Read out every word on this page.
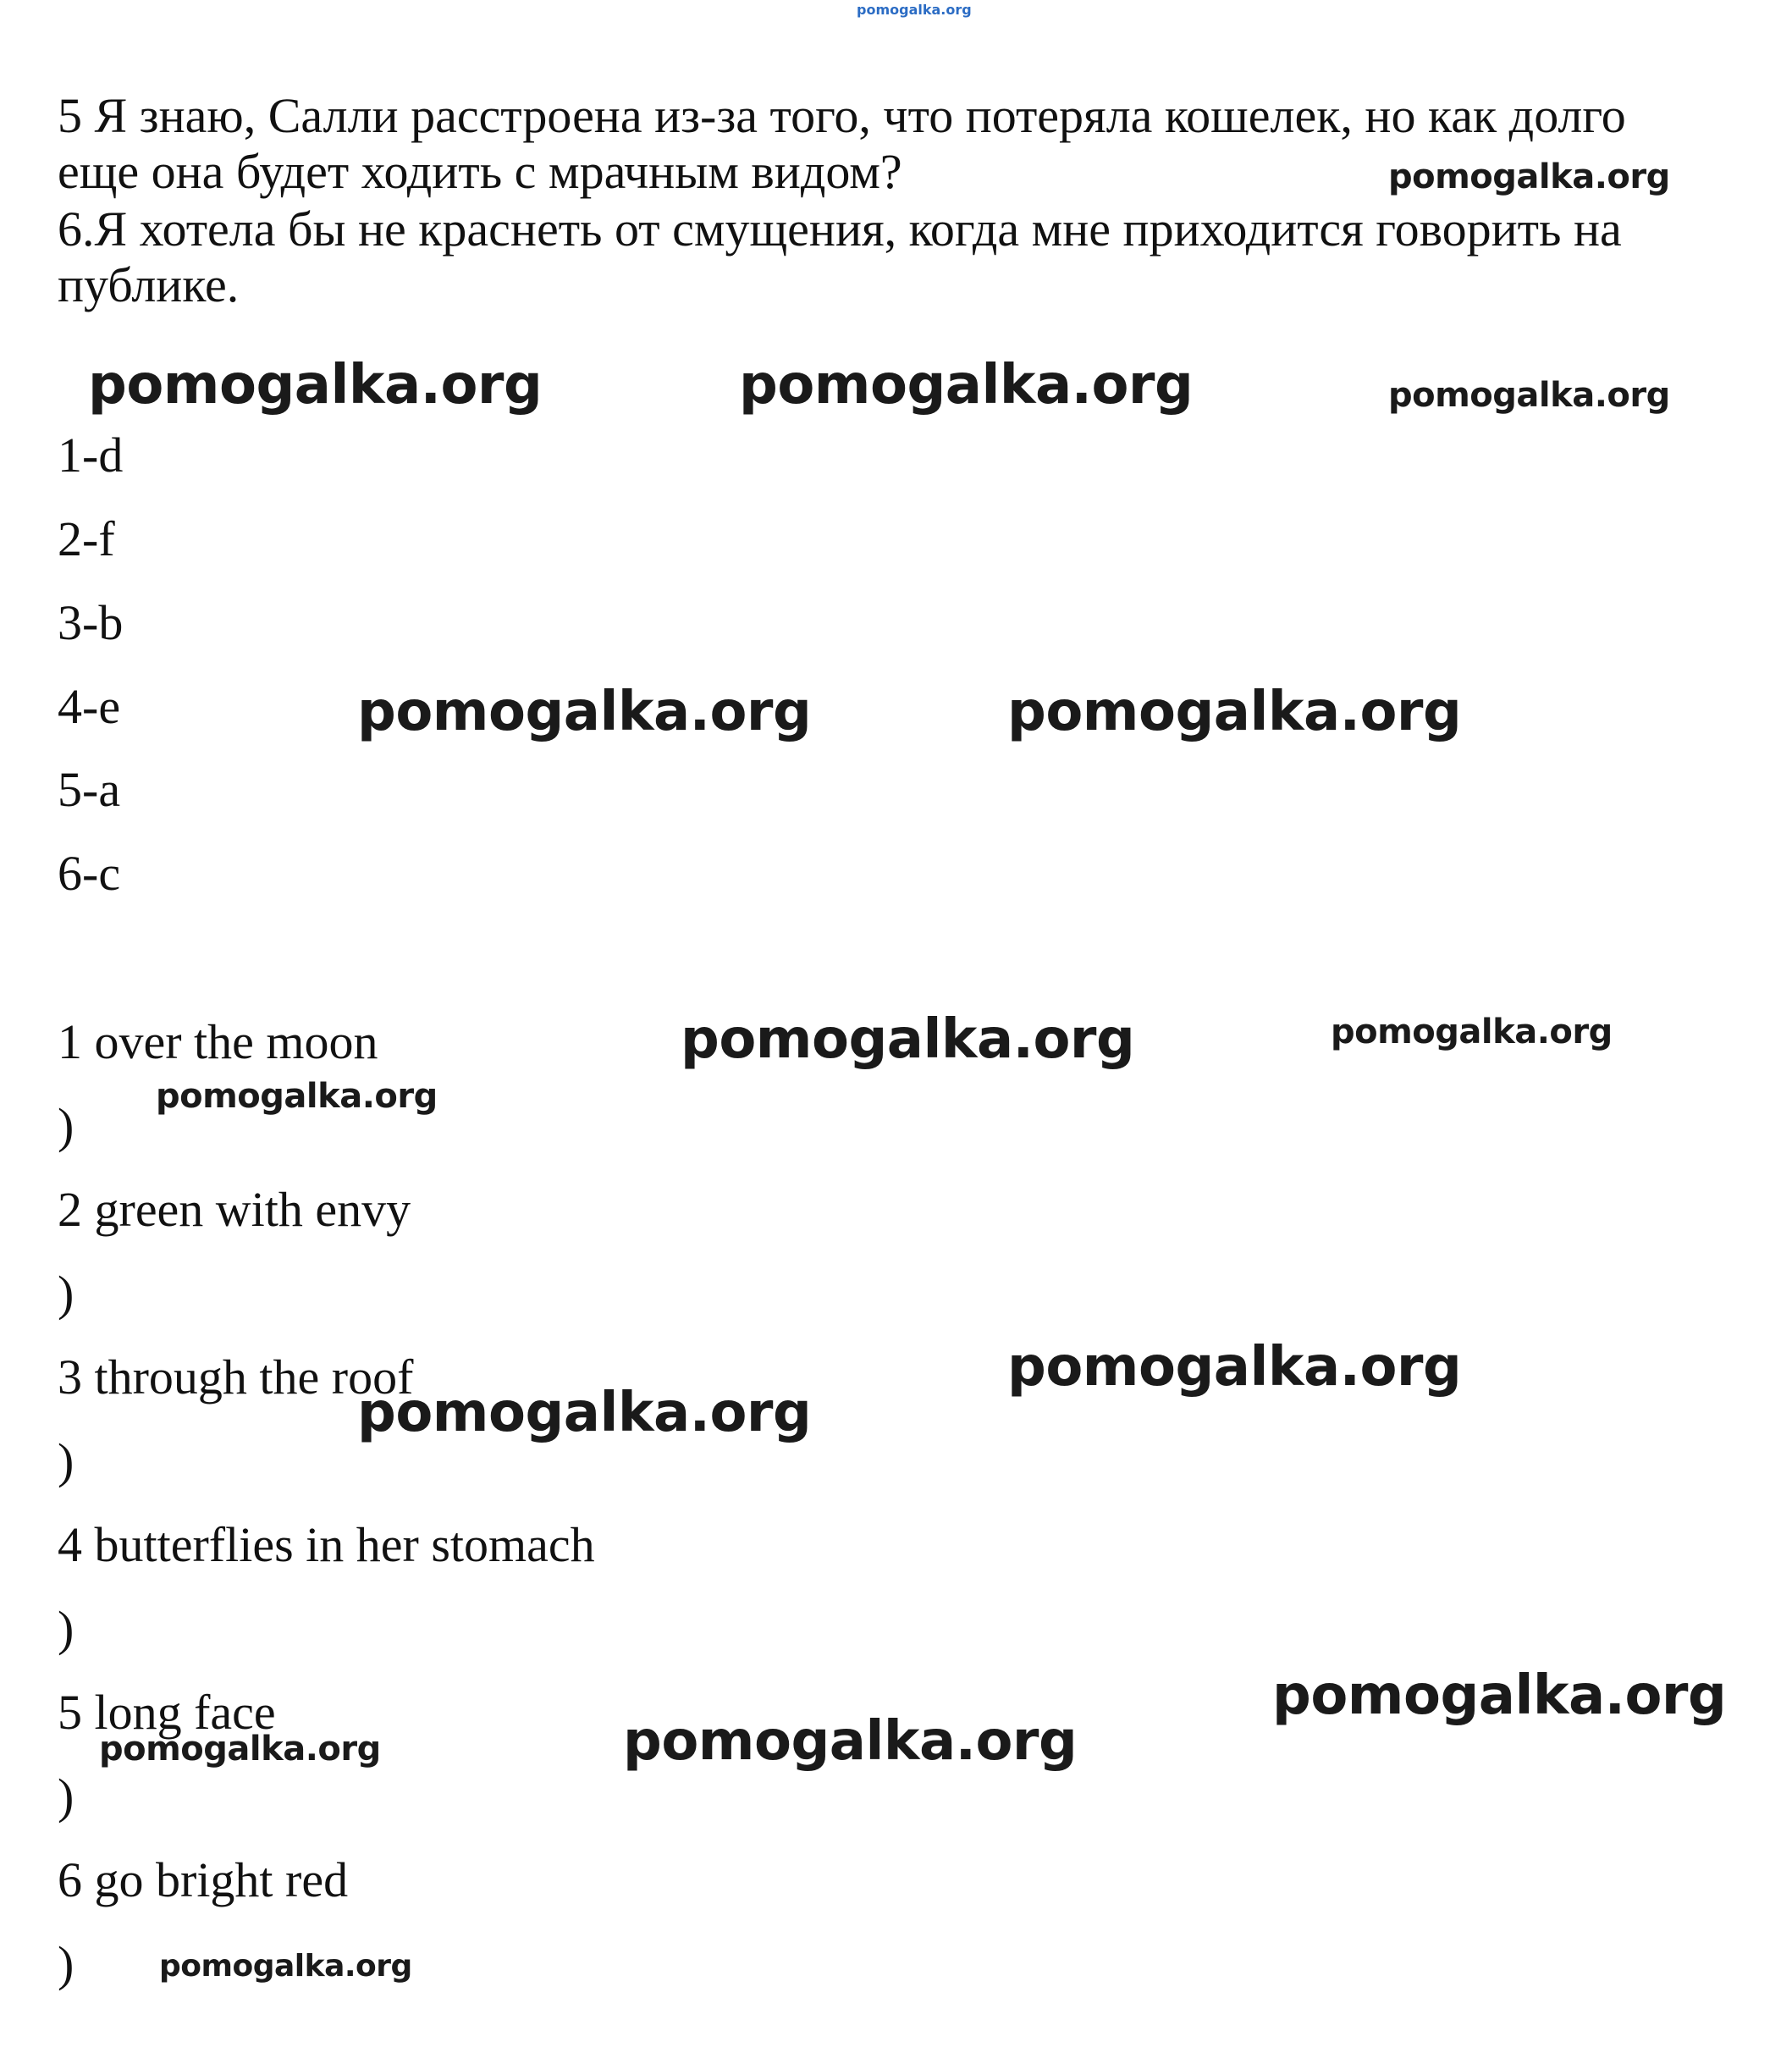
pomogalka.org
5 Я знаю, Салли расстроена из-за того, что потеряла кошелек, но как долго
еще она будет ходить с мрачным видом?
6.Я хотела бы не краснеть от смущения, когда мне приходится говорить на
публике.
1-d
2-f
3-b
4-e
5-a
6-c
1 over the moon
)
2 green with envy
)
3 through the roof
)
4 butterflies in her stomach
)
5 long face
)
6 go bright red
)
pomogalka.org
pomogalka.org	pomogalka.org	pomogalka.org
pomogalka.org	pomogalka.org
pomogalka.org	pomogalka.org
pomogalka.org
pomogalka.org
pomogalka.org
pomogalka.org
pomogalka.org
pomogalka.org
pomogalka.org
